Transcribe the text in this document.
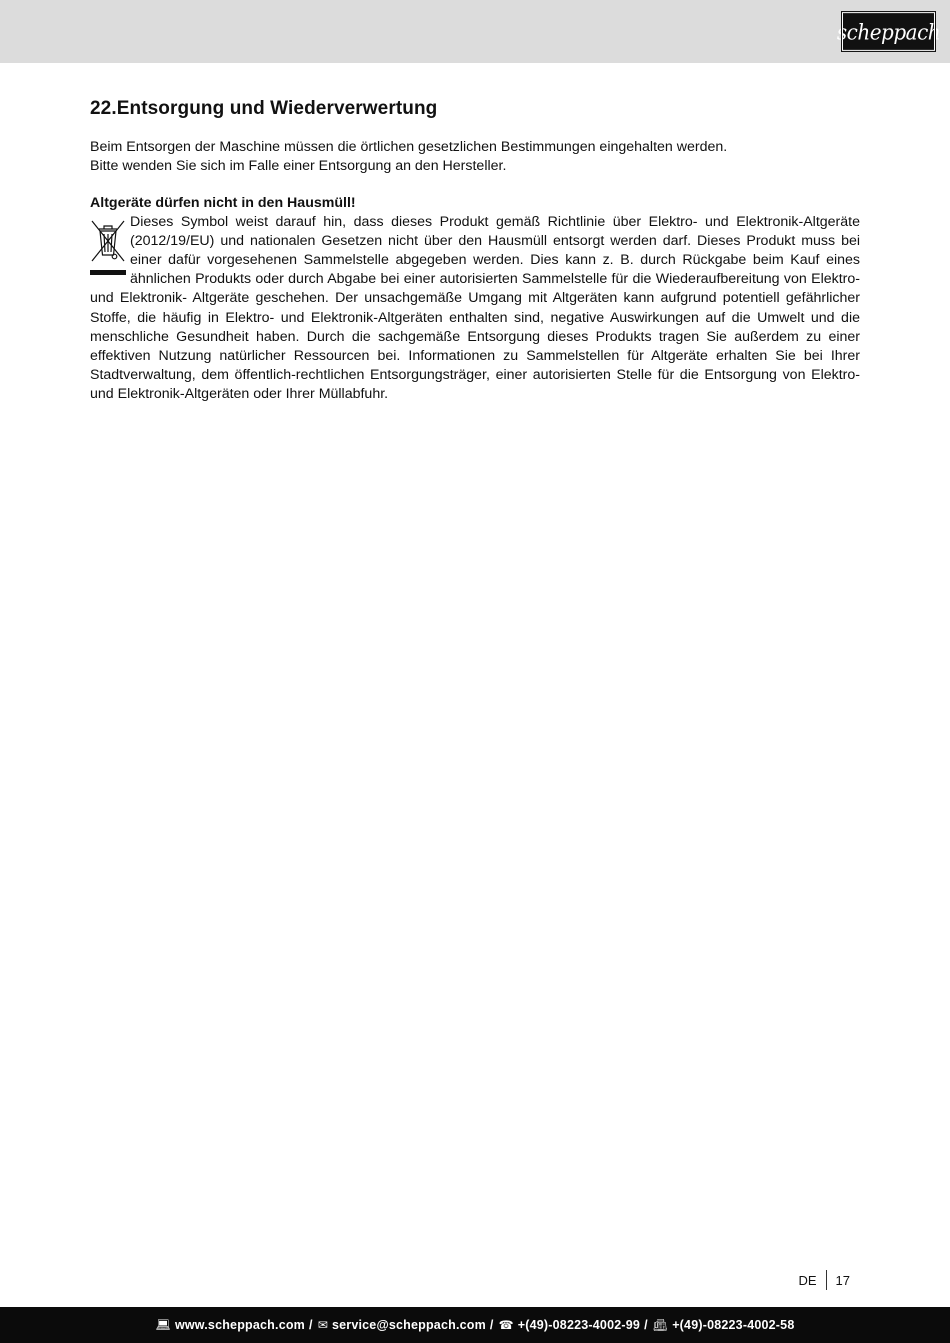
scheppach
22.Entsorgung und Wiederverwertung
Beim Entsorgen der Maschine müssen die örtlichen gesetzlichen Bestimmungen eingehalten werden.
Bitte wenden Sie sich im Falle einer Entsorgung an den Hersteller.
Altgeräte dürfen nicht in den Hausmüll!
Dieses Symbol weist darauf hin, dass dieses Produkt gemäß Richtlinie über Elektro- und Elektronik-Altgeräte (2012/19/EU) und nationalen Gesetzen nicht über den Hausmüll entsorgt werden darf. Dieses Produkt muss bei einer dafür vorgesehenen Sammelstelle abgegeben werden. Dies kann z. B. durch Rückgabe beim Kauf eines ähnlichen Produkts oder durch Abgabe bei einer autorisierten Sammelstelle für die Wiederaufbereitung von Elektro- und Elektronik- Altgeräte geschehen. Der unsachgemäße Umgang mit Altgeräten kann aufgrund potentiell gefährlicher Stoffe, die häufig in Elektro- und Elektronik-Altgeräten enthalten sind, negative Auswirkungen auf die Umwelt und die menschliche Gesundheit haben. Durch die sachgemäße Entsorgung dieses Produkts tragen Sie außerdem zu einer effektiven Nutzung natürlicher Ressourcen bei. Informationen zu Sammelstellen für Altgeräte erhalten Sie bei Ihrer Stadtverwaltung, dem öffentlich-rechtlichen Entsorgungsträger, einer autorisierten Stelle für die Entsorgung von Elektro- und Elektronik-Altgeräten oder Ihrer Müllabfuhr.
DE 17
💻︎ www.scheppach.com / ✉︎ service@scheppach.com / ☎︎ +(49)-08223-4002-99 / 📠︎ +(49)-08223-4002-58
